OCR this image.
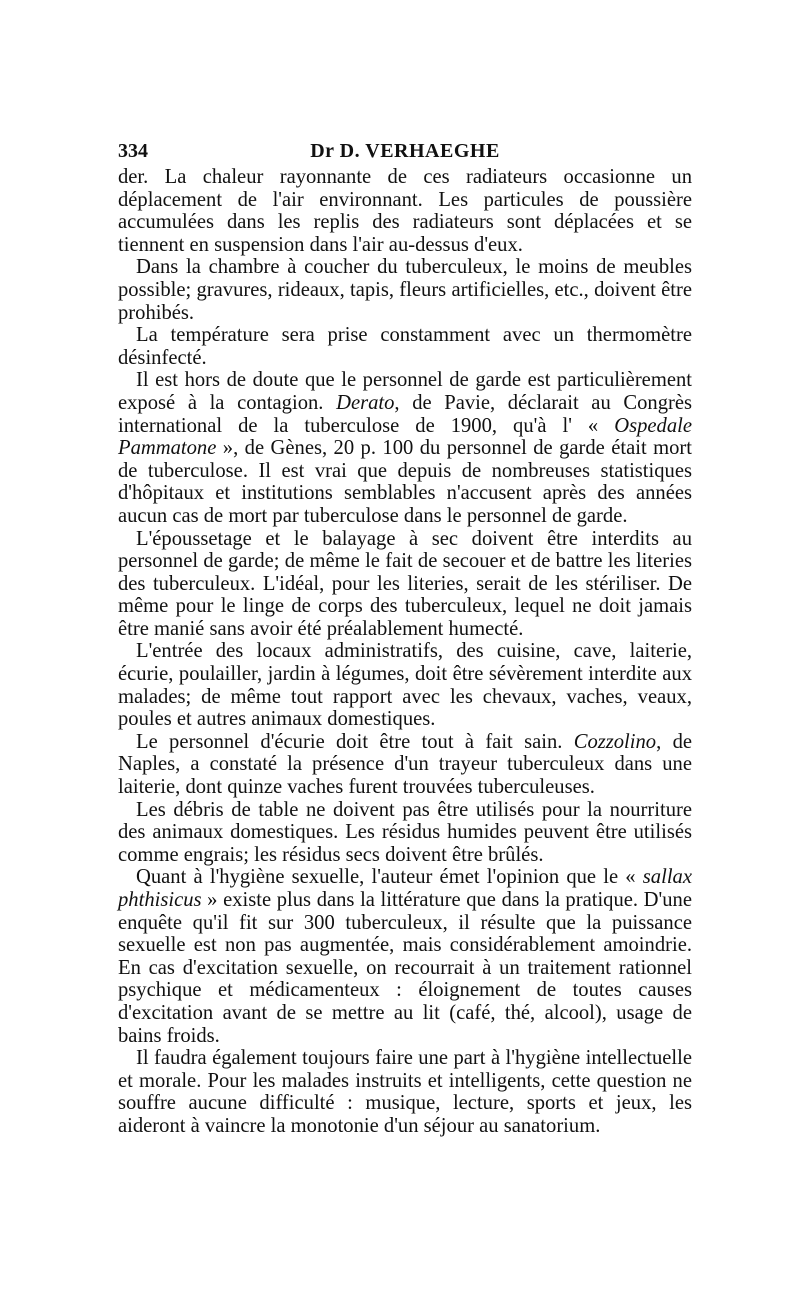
334	Dr D. VERHAEGHE

der. La chaleur rayonnante de ces radiateurs occasionne un déplacement de l'air environnant. Les particules de poussière accumulées dans les replis des radiateurs sont déplacées et se tiennent en suspension dans l'air au-dessus d'eux.

Dans la chambre à coucher du tuberculeux, le moins de meubles possible; gravures, rideaux, tapis, fleurs artificielles, etc., doivent être prohibés.

La température sera prise constamment avec un thermomètre désinfecté.

Il est hors de doute que le personnel de garde est particulièrement exposé à la contagion. Derato, de Pavie, déclarait au Congrès international de la tuberculose de 1900, qu'à l' « Ospedale Pammatone », de Gènes, 20 p. 100 du personnel de garde était mort de tuberculose. Il est vrai que depuis de nombreuses statistiques d'hôpitaux et institutions semblables n'accusent après des années aucun cas de mort par tuberculose dans le personnel de garde.

L'époussetage et le balayage à sec doivent être interdits au personnel de garde; de même le fait de secouer et de battre les literies des tuberculeux. L'idéal, pour les literies, serait de les stériliser. De même pour le linge de corps des tuberculeux, lequel ne doit jamais être manié sans avoir été préalablement humecté.

L'entrée des locaux administratifs, des cuisine, cave, laiterie, écurie, poulailler, jardin à légumes, doit être sévèrement interdite aux malades; de même tout rapport avec les chevaux, vaches, veaux, poules et autres animaux domestiques.

Le personnel d'écurie doit être tout à fait sain. Cozzolino, de Naples, a constaté la présence d'un trayeur tuberculeux dans une laiterie, dont quinze vaches furent trouvées tuberculeuses.

Les débris de table ne doivent pas être utilisés pour la nourriture des animaux domestiques. Les résidus humides peuvent être utilisés comme engrais; les résidus secs doivent être brûlés.

Quant à l'hygiène sexuelle, l'auteur émet l'opinion que le « sallax phthisicus » existe plus dans la littérature que dans la pratique. D'une enquête qu'il fit sur 300 tuberculeux, il résulte que la puissance sexuelle est non pas augmentée, mais considérablement amoindrie. En cas d'excitation sexuelle, on recourrait à un traitement rationnel psychique et médicamenteux : éloignement de toutes causes d'excitation avant de se mettre au lit (café, thé, alcool), usage de bains froids.

Il faudra également toujours faire une part à l'hygiène intellectuelle et morale. Pour les malades instruits et intelligents, cette question ne souffre aucune difficulté : musique, lecture, sports et jeux, les aideront à vaincre la monotonie d'un séjour au sanatorium.
